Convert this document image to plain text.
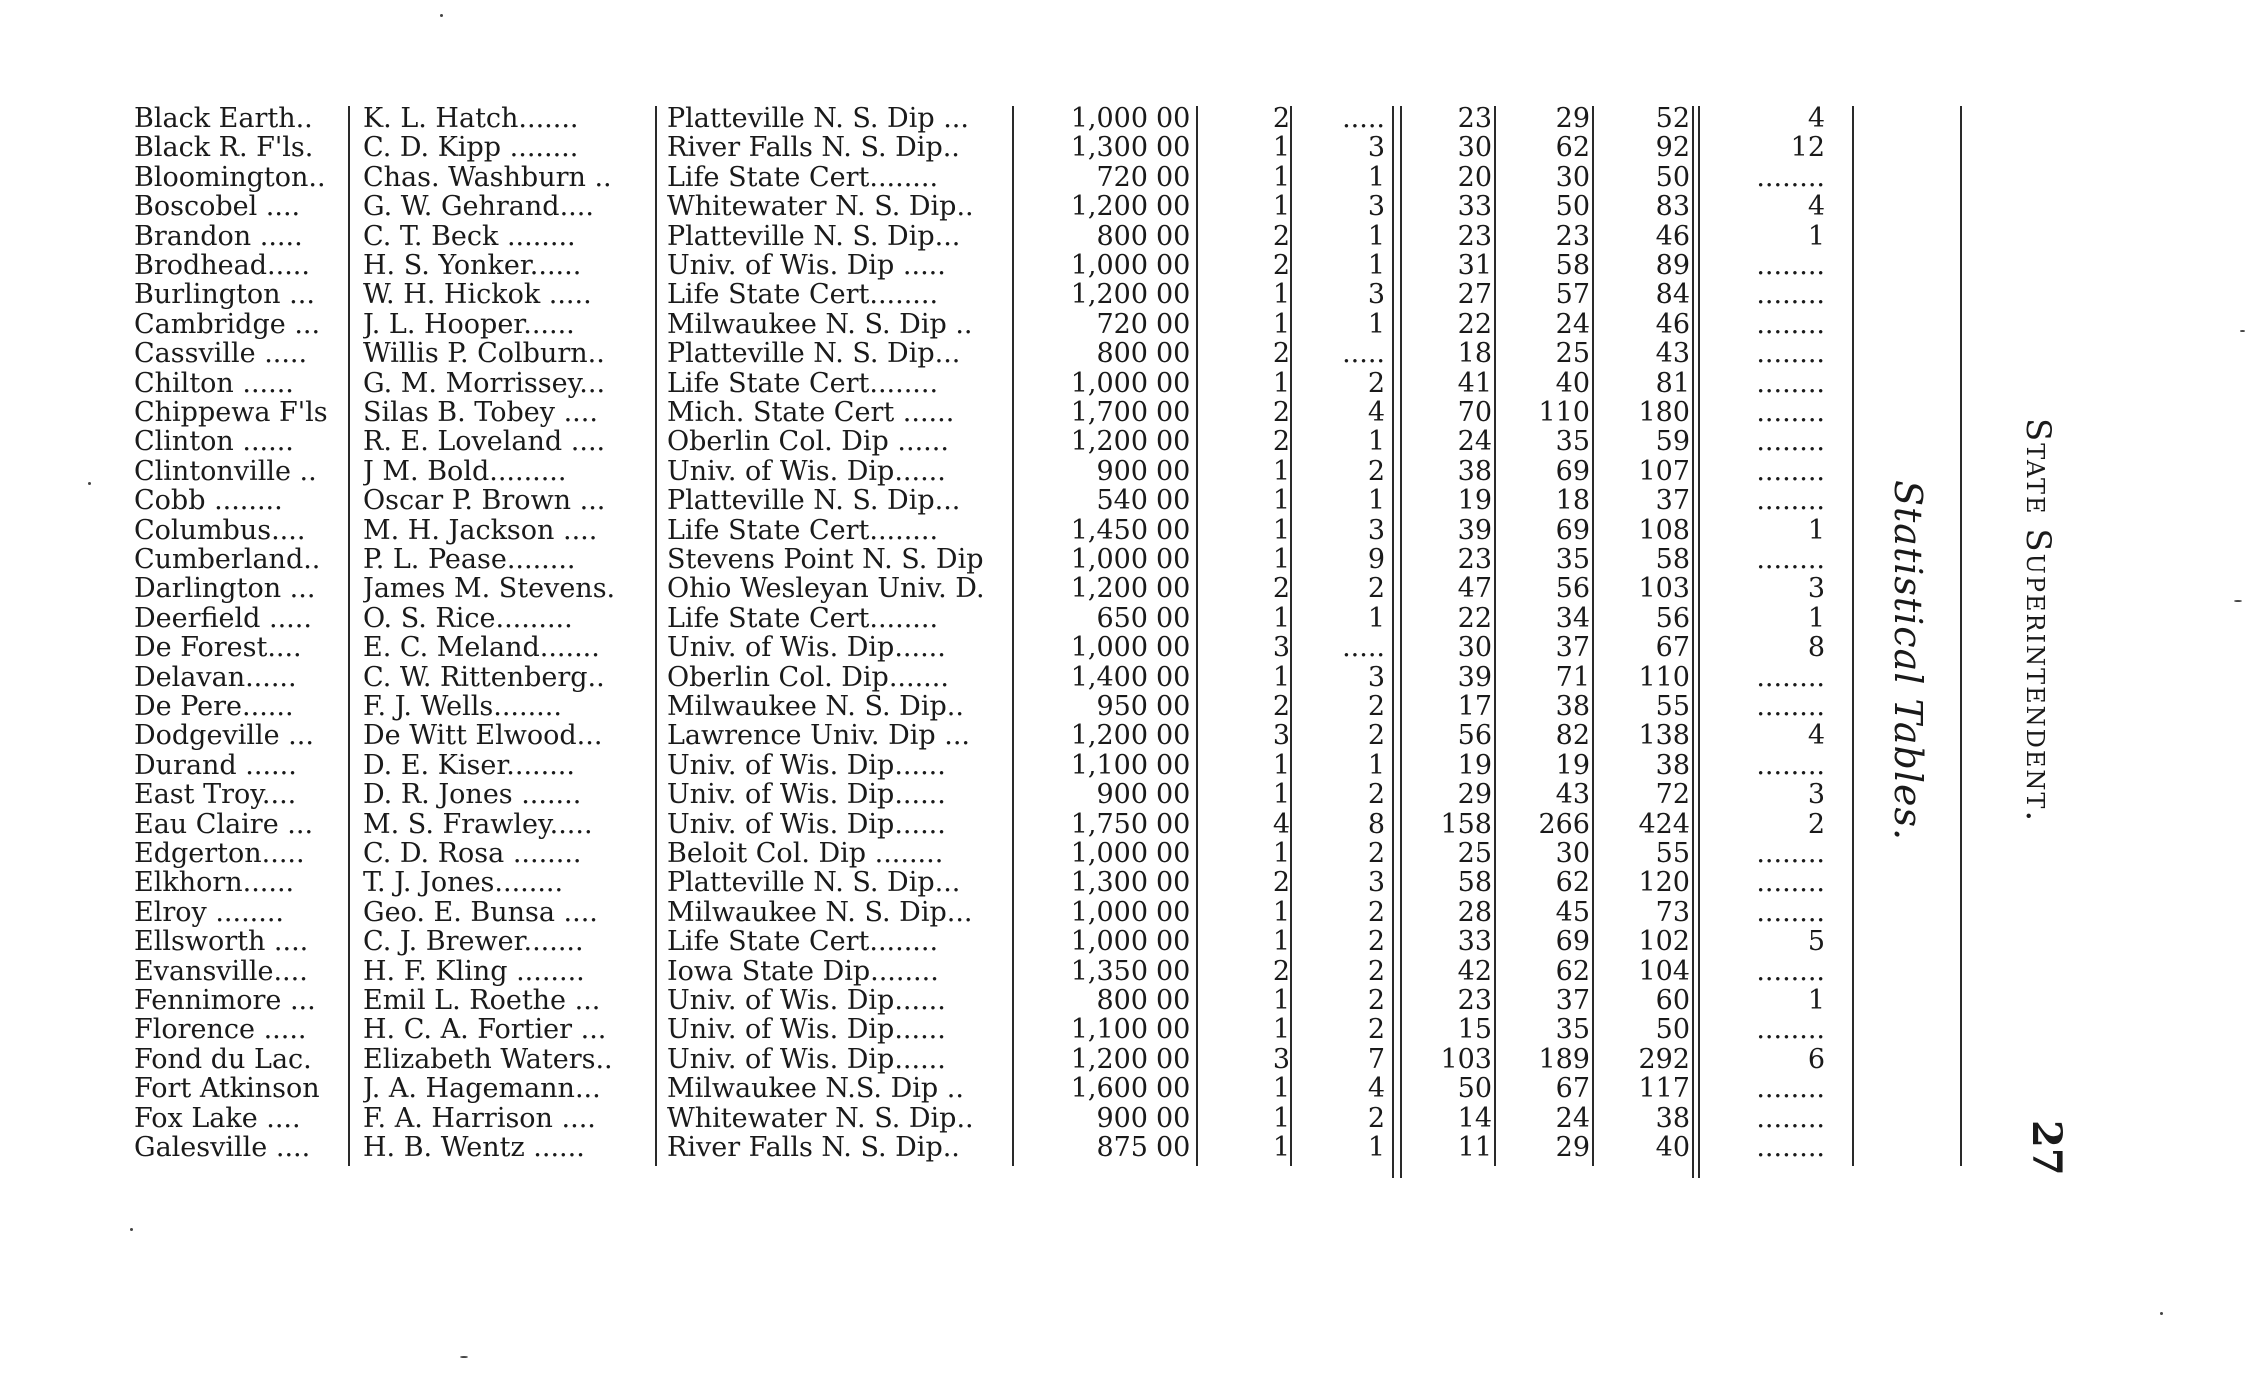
Black Earth..	K. L. Hatch.......	Platteville N. S. Dip ...	1,000 00	2	.....	23	29	52	4
Black R. F'ls.	C. D. Kipp ........	River Falls N. S. Dip..	1,300 00	1	3	30	62	92	12
Bloomington..	Chas. Washburn ..	Life State Cert........	720 00	1	1	20	30	50	........
Boscobel ....	G. W. Gehrand....	Whitewater N. S. Dip..	1,200 00	1	3	33	50	83	4
Brandon .....	C. T. Beck ........	Platteville N. S. Dip...	800 00	2	1	23	23	46	1
Brodhead.....	H. S. Yonker......	Univ. of Wis. Dip .....	1,000 00	2	1	31	58	89	........
Burlington ...	W. H. Hickok .....	Life State Cert........	1,200 00	1	3	27	57	84	........
Cambridge ...	J. L. Hooper......	Milwaukee N. S. Dip ..	720 00	1	1	22	24	46	........
Cassville .....	Willis P. Colburn..	Platteville N. S. Dip...	800 00	2	.....	18	25	43	........
Chilton ......	G. M. Morrissey...	Life State Cert........	1,000 00	1	2	41	40	81	........
Chippewa F'ls	Silas B. Tobey ....	Mich. State Cert ......	1,700 00	2	4	70	110	180	........
Clinton ......	R. E. Loveland ....	Oberlin Col. Dip ......	1,200 00	2	1	24	35	59	........
Clintonville ..	J M. Bold.........	Univ. of Wis. Dip......	900 00	1	2	38	69	107	........
Cobb ........	Oscar P. Brown ...	Platteville N. S. Dip...	540 00	1	1	19	18	37	........
Columbus....	M. H. Jackson ....	Life State Cert........	1,450 00	1	3	39	69	108	1
Cumberland..	P. L. Pease........	Stevens Point N. S. Dip	1,000 00	1	9	23	35	58	........
Darlington ...	James M. Stevens.	Ohio Wesleyan Univ. D.	1,200 00	2	2	47	56	103	3
Deerfield .....	O. S. Rice.........	Life State Cert........	650 00	1	1	22	34	56	1
De Forest....	E. C. Meland.......	Univ. of Wis. Dip......	1,000 00	3	.....	30	37	67	8
Delavan......	C. W. Rittenberg..	Oberlin Col. Dip.......	1,400 00	1	3	39	71	110	........
De Pere......	F. J. Wells........	Milwaukee N. S. Dip..	950 00	2	2	17	38	55	........
Dodgeville ...	De Witt Elwood...	Lawrence Univ. Dip ...	1,200 00	3	2	56	82	138	4
Durand ......	D. E. Kiser........	Univ. of Wis. Dip......	1,100 00	1	1	19	19	38	........
East Troy....	D. R. Jones .......	Univ. of Wis. Dip......	900 00	1	2	29	43	72	3
Eau Claire ...	M. S. Frawley.....	Univ. of Wis. Dip......	1,750 00	4	8	158	266	424	2
Edgerton.....	C. D. Rosa ........	Beloit Col. Dip ........	1,000 00	1	2	25	30	55	........
Elkhorn......	T. J. Jones........	Platteville N. S. Dip...	1,300 00	2	3	58	62	120	........
Elroy ........	Geo. E. Bunsa ....	Milwaukee N. S. Dip...	1,000 00	1	2	28	45	73	........
Ellsworth ....	C. J. Brewer.......	Life State Cert........	1,000 00	1	2	33	69	102	5
Evansville....	H. F. Kling ........	Iowa State Dip........	1,350 00	2	2	42	62	104	........
Fennimore ...	Emil L. Roethe ...	Univ. of Wis. Dip......	800 00	1	2	23	37	60	1
Florence .....	H. C. A. Fortier ...	Univ. of Wis. Dip......	1,100 00	1	2	15	35	50	........
Fond du Lac.	Elizabeth Waters..	Univ. of Wis. Dip......	1,200 00	3	7	103	189	292	6
Fort Atkinson	J. A. Hagemann...	Milwaukee N.S. Dip ..	1,600 00	1	4	50	67	117	........
Fox Lake ....	F. A. Harrison ....	Whitewater N. S. Dip..	900 00	1	2	14	24	38	........
Galesville ....	H. B. Wentz ......	River Falls N. S. Dip..	875 00	1	1	11	29	40	........
Statistical Tables.	State Superintendent.
27
